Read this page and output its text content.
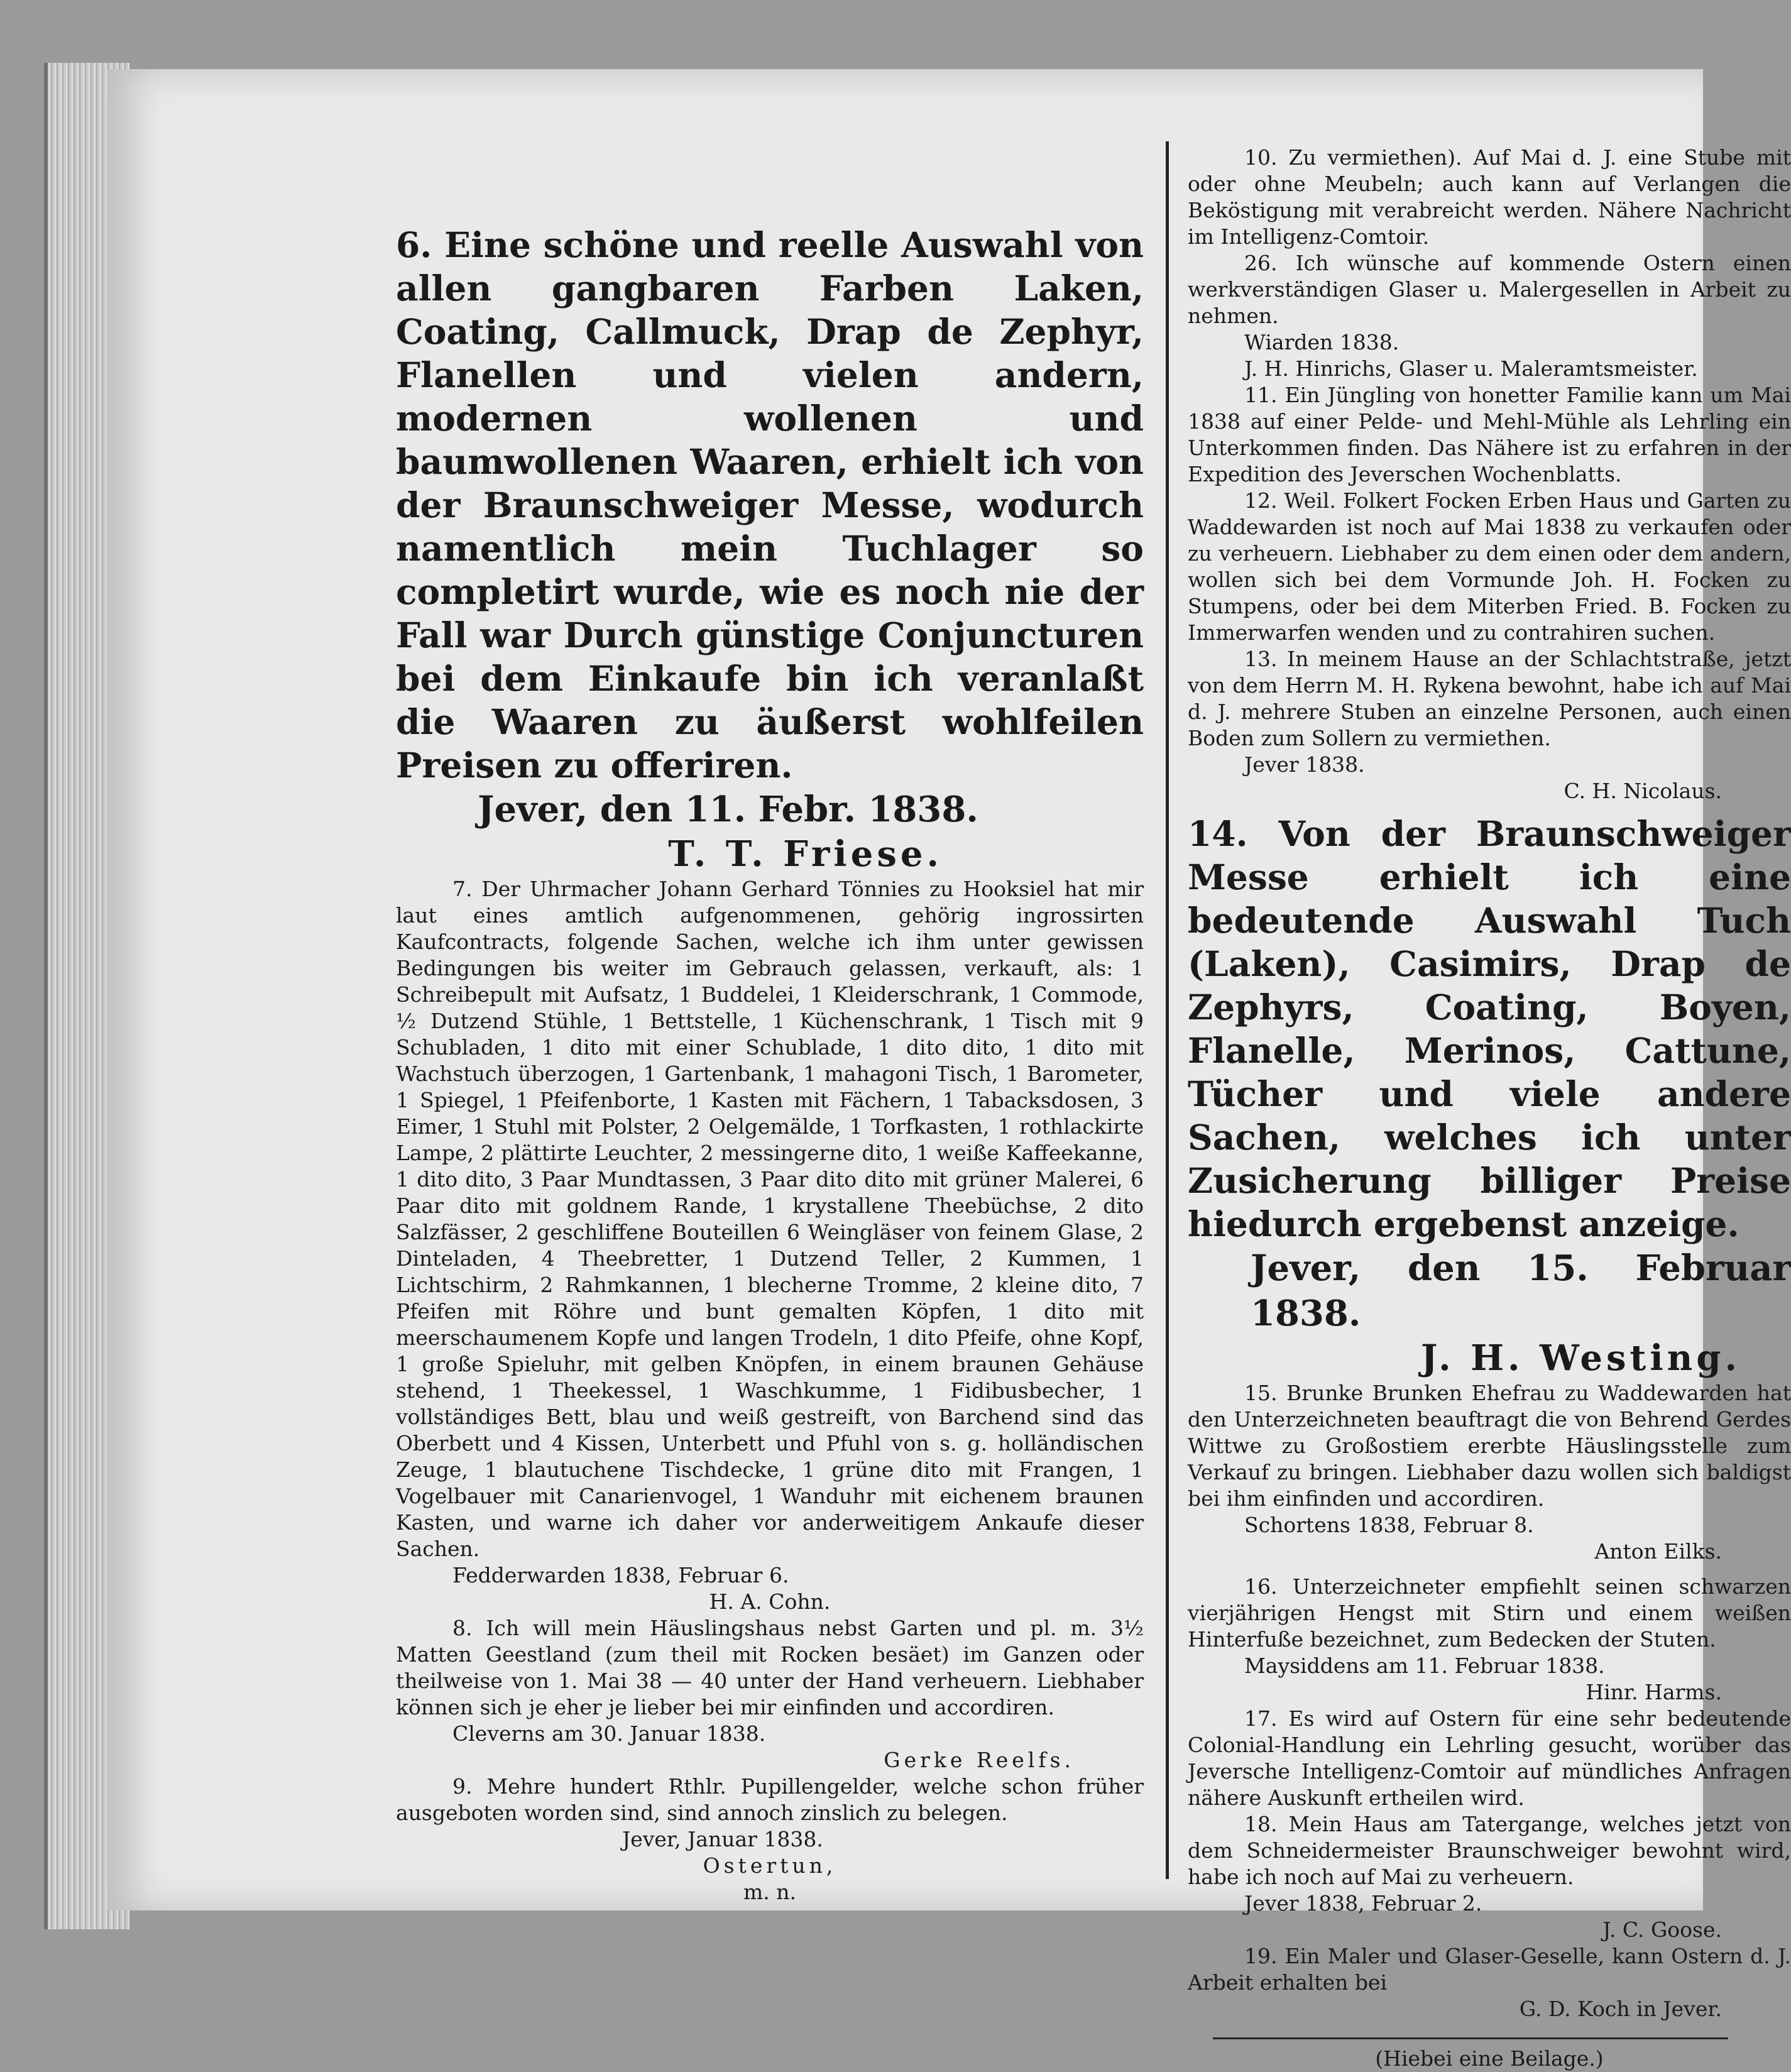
6. Eine schöne und reelle Auswahl von allen gangbaren Farben Laken, Coating, Callmuck, Drap de Zephyr, Flanellen und vielen andern, modernen wollenen und baumwollenen Waaren, erhielt ich von der Braunschweiger Messe, wodurch namentlich mein Tuchlager so completirt wurde, wie es noch nie der Fall war Durch günstige Conjuncturen bei dem Einkaufe bin ich veranlaßt die Waaren zu äußerst wohlfeilen Preisen zu offeriren.

Jever, den 11. Febr. 1838.

T. T. Friese.

7. Der Uhrmacher Johann Gerhard Tönnies zu Hooksiel hat mir laut eines amtlich aufgenommenen, gehörig ingrossirten Kaufcontracts, folgende Sachen, welche ich ihm unter gewissen Bedingungen bis weiter im Gebrauch gelassen, verkauft, als: 1 Schreibepult mit Aufsatz, 1 Buddelei, 1 Kleiderschrank, 1 Commode, ½ Dutzend Stühle, 1 Bettstelle, 1 Küchenschrank, 1 Tisch mit 9 Schubladen, 1 dito mit einer Schublade, 1 dito dito, 1 dito mit Wachstuch überzogen, 1 Gartenbank, 1 mahagoni Tisch, 1 Barometer, 1 Spiegel, 1 Pfeifenborte, 1 Kasten mit Fächern, 1 Tabacksdosen, 3 Eimer, 1 Stuhl mit Polster, 2 Oelgemälde, 1 Torfkasten, 1 rothlackirte Lampe, 2 plättirte Leuchter, 2 messingerne dito, 1 weiße Kaffeekanne, 1 dito dito, 3 Paar Mundtassen, 3 Paar dito dito mit grüner Malerei, 6 Paar dito mit goldnem Rande, 1 krystallene Theebüchse, 2 dito Salzfässer, 2 geschliffene Bouteillen 6 Weingläser von feinem Glase, 2 Dinteladen, 4 Theebretter, 1 Dutzend Teller, 2 Kummen, 1 Lichtschirm, 2 Rahmkannen, 1 blecherne Tromme, 2 kleine dito, 7 Pfeifen mit Röhre und bunt gemalten Köpfen, 1 dito mit meerschaumenem Kopfe und langen Trodeln, 1 dito Pfeife, ohne Kopf, 1 große Spieluhr, mit gelben Knöpfen, in einem braunen Gehäuse stehend, 1 Theekessel, 1 Waschkumme, 1 Fidibusbecher, 1 vollständiges Bett, blau und weiß gestreift, von Barchend sind das Oberbett und 4 Kissen, Unterbett und Pfuhl von s. g. holländischen Zeuge, 1 blautuchene Tischdecke, 1 grüne dito mit Frangen, 1 Vogelbauer mit Canarienvogel, 1 Wanduhr mit eichenem braunen Kasten, und warne ich daher vor anderweitigem Ankaufe dieser Sachen.

Fedderwarden 1838, Februar 6.

H. A. Cohn.

8. Ich will mein Häuslingshaus nebst Garten und pl. m. 3½ Matten Geestland (zum theil mit Rocken besäet) im Ganzen oder theilweise von 1. Mai 38 — 40 unter der Hand verheuern. Liebhaber können sich je eher je lieber bei mir einfinden und accordiren.

Cleverns am 30. Januar 1838.

Gerke Reelfs.

9. Mehre hundert Rthlr. Pupillengelder, welche schon früher ausgeboten worden sind, sind annoch zinslich zu belegen.

Jever, Januar 1838.

Ostertun,

m. n.

10. Zu vermiethen). Auf Mai d. J. eine Stube mit oder ohne Meubeln; auch kann auf Verlangen die Beköstigung mit verabreicht werden. Nähere Nachricht im Intelligenz-Comtoir.

26. Ich wünsche auf kommende Ostern einen werkverständigen Glaser u. Malergesellen in Arbeit zu nehmen.

Wiarden 1838.

J. H. Hinrichs, Glaser u. Maleramtsmeister.

11. Ein Jüngling von honetter Familie kann um Mai 1838 auf einer Pelde- und Mehl-Mühle als Lehrling ein Unterkommen finden. Das Nähere ist zu erfahren in der Expedition des Jeverschen Wochenblatts.

12. Weil. Folkert Focken Erben Haus und Garten zu Waddewarden ist noch auf Mai 1838 zu verkaufen oder zu verheuern. Liebhaber zu dem einen oder dem andern, wollen sich bei dem Vormunde Joh. H. Focken zu Stumpens, oder bei dem Miterben Fried. B. Focken zu Immerwarfen wenden und zu contrahiren suchen.

13. In meinem Hause an der Schlachtstraße, jetzt von dem Herrn M. H. Rykena bewohnt, habe ich auf Mai d. J. mehrere Stuben an einzelne Personen, auch einen Boden zum Sollern zu vermiethen.

Jever 1838.

C. H. Nicolaus.

14. Von der Braunschweiger Messe erhielt ich eine bedeutende Auswahl Tuch (Laken), Casimirs, Drap de Zephyrs, Coating, Boyen, Flanelle, Merinos, Cattune, Tücher und viele andere Sachen, welches ich unter Zusicherung billiger Preise hiedurch ergebenst anzeige.

Jever, den 15. Februar 1838.

J. H. Westing.

15. Brunke Brunken Ehefrau zu Waddewarden hat den Unterzeichneten beauftragt die von Behrend Gerdes Wittwe zu Großostiem ererbte Häuslingsstelle zum Verkauf zu bringen. Liebhaber dazu wollen sich baldigst bei ihm einfinden und accordiren.

Schortens 1838, Februar 8.

Anton Eilks.

16. Unterzeichneter empfiehlt seinen schwarzen vierjährigen Hengst mit Stirn und einem weißen Hinterfuße bezeichnet, zum Bedecken der Stuten.

Maysiddens am 11. Februar 1838.

Hinr. Harms.

17. Es wird auf Ostern für eine sehr bedeutende Colonial-Handlung ein Lehrling gesucht, worüber das Jeversche Intelligenz-Comtoir auf mündliches Anfragen nähere Auskunft ertheilen wird.

18. Mein Haus am Tatergange, welches jetzt von dem Schneidermeister Braunschweiger bewohnt wird, habe ich noch auf Mai zu verheuern.

Jever 1838, Februar 2.

J. C. Goose.

19. Ein Maler und Glaser-Geselle, kann Ostern d. J. Arbeit erhalten bei

G. D. Koch in Jever.

(Hiebei eine Beilage.)
